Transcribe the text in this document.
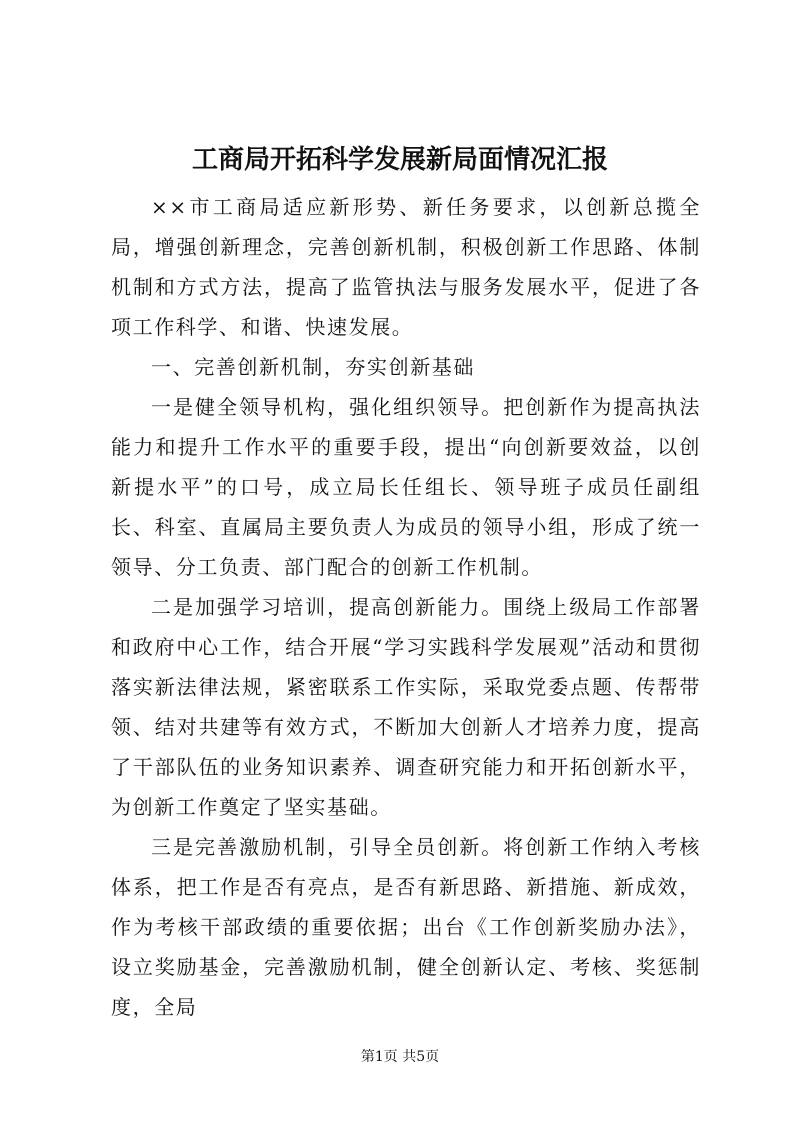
工商局开拓科学发展新局面情况汇报

××市工商局适应新形势、新任务要求，以创新总揽全局，增强创新理念，完善创新机制，积极创新工作思路、体制机制和方式方法，提高了监管执法与服务发展水平，促进了各项工作科学、和谐、快速发展。

一、完善创新机制，夯实创新基础

一是健全领导机构，强化组织领导。把创新作为提高执法能力和提升工作水平的重要手段，提出“向创新要效益，以创新提水平”的口号，成立局长任组长、领导班子成员任副组长、科室、直属局主要负责人为成员的领导小组，形成了统一领导、分工负责、部门配合的创新工作机制。

二是加强学习培训，提高创新能力。围绕上级局工作部署和政府中心工作，结合开展“学习实践科学发展观”活动和贯彻落实新法律法规，紧密联系工作实际，采取党委点题、传帮带领、结对共建等有效方式，不断加大创新人才培养力度，提高了干部队伍的业务知识素养、调查研究能力和开拓创新水平，为创新工作奠定了坚实基础。

三是完善激励机制，引导全员创新。将创新工作纳入考核体系，把工作是否有亮点，是否有新思路、新措施、新成效，作为考核干部政绩的重要依据；出台《工作创新奖励办法》，设立奖励基金，完善激励机制，健全创新认定、考核、奖惩制度，全局

第1页 共5页
